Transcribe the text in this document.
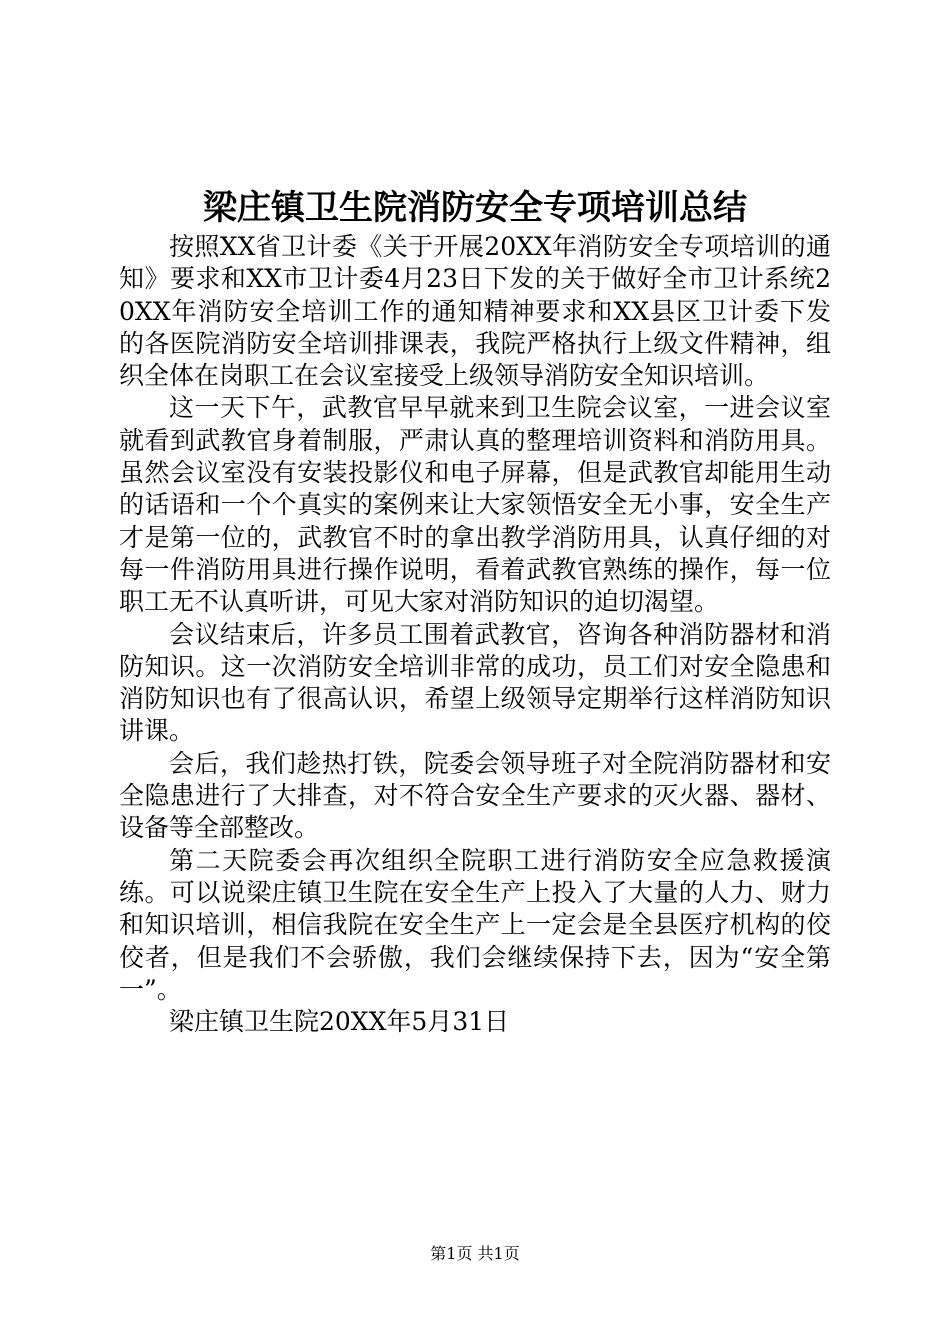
梁庄镇卫生院消防安全专项培训总结

按照XX省卫计委《关于开展20XX年消防安全专项培训的通知》要求和XX市卫计委4月23日下发的关于做好全市卫计系统20XX年消防安全培训工作的通知精神要求和XX县区卫计委下发的各医院消防安全培训排课表，我院严格执行上级文件精神，组织全体在岗职工在会议室接受上级领导消防安全知识培训。

这一天下午，武教官早早就来到卫生院会议室，一进会议室就看到武教官身着制服，严肃认真的整理培训资料和消防用具。虽然会议室没有安装投影仪和电子屏幕，但是武教官却能用生动的话语和一个个真实的案例来让大家领悟安全无小事，安全生产才是第一位的，武教官不时的拿出教学消防用具，认真仔细的对每一件消防用具进行操作说明，看着武教官熟练的操作，每一位职工无不认真听讲，可见大家对消防知识的迫切渴望。

会议结束后，许多员工围着武教官，咨询各种消防器材和消防知识。这一次消防安全培训非常的成功，员工们对安全隐患和消防知识也有了很高认识，希望上级领导定期举行这样消防知识讲课。

会后，我们趁热打铁，院委会领导班子对全院消防器材和安全隐患进行了大排查，对不符合安全生产要求的灭火器、器材、设备等全部整改。

第二天院委会再次组织全院职工进行消防安全应急救援演练。可以说梁庄镇卫生院在安全生产上投入了大量的人力、财力和知识培训，相信我院在安全生产上一定会是全县医疗机构的佼佼者，但是我们不会骄傲，我们会继续保持下去，因为“安全第一”。

梁庄镇卫生院20XX年5月31日

第1页 共1页
